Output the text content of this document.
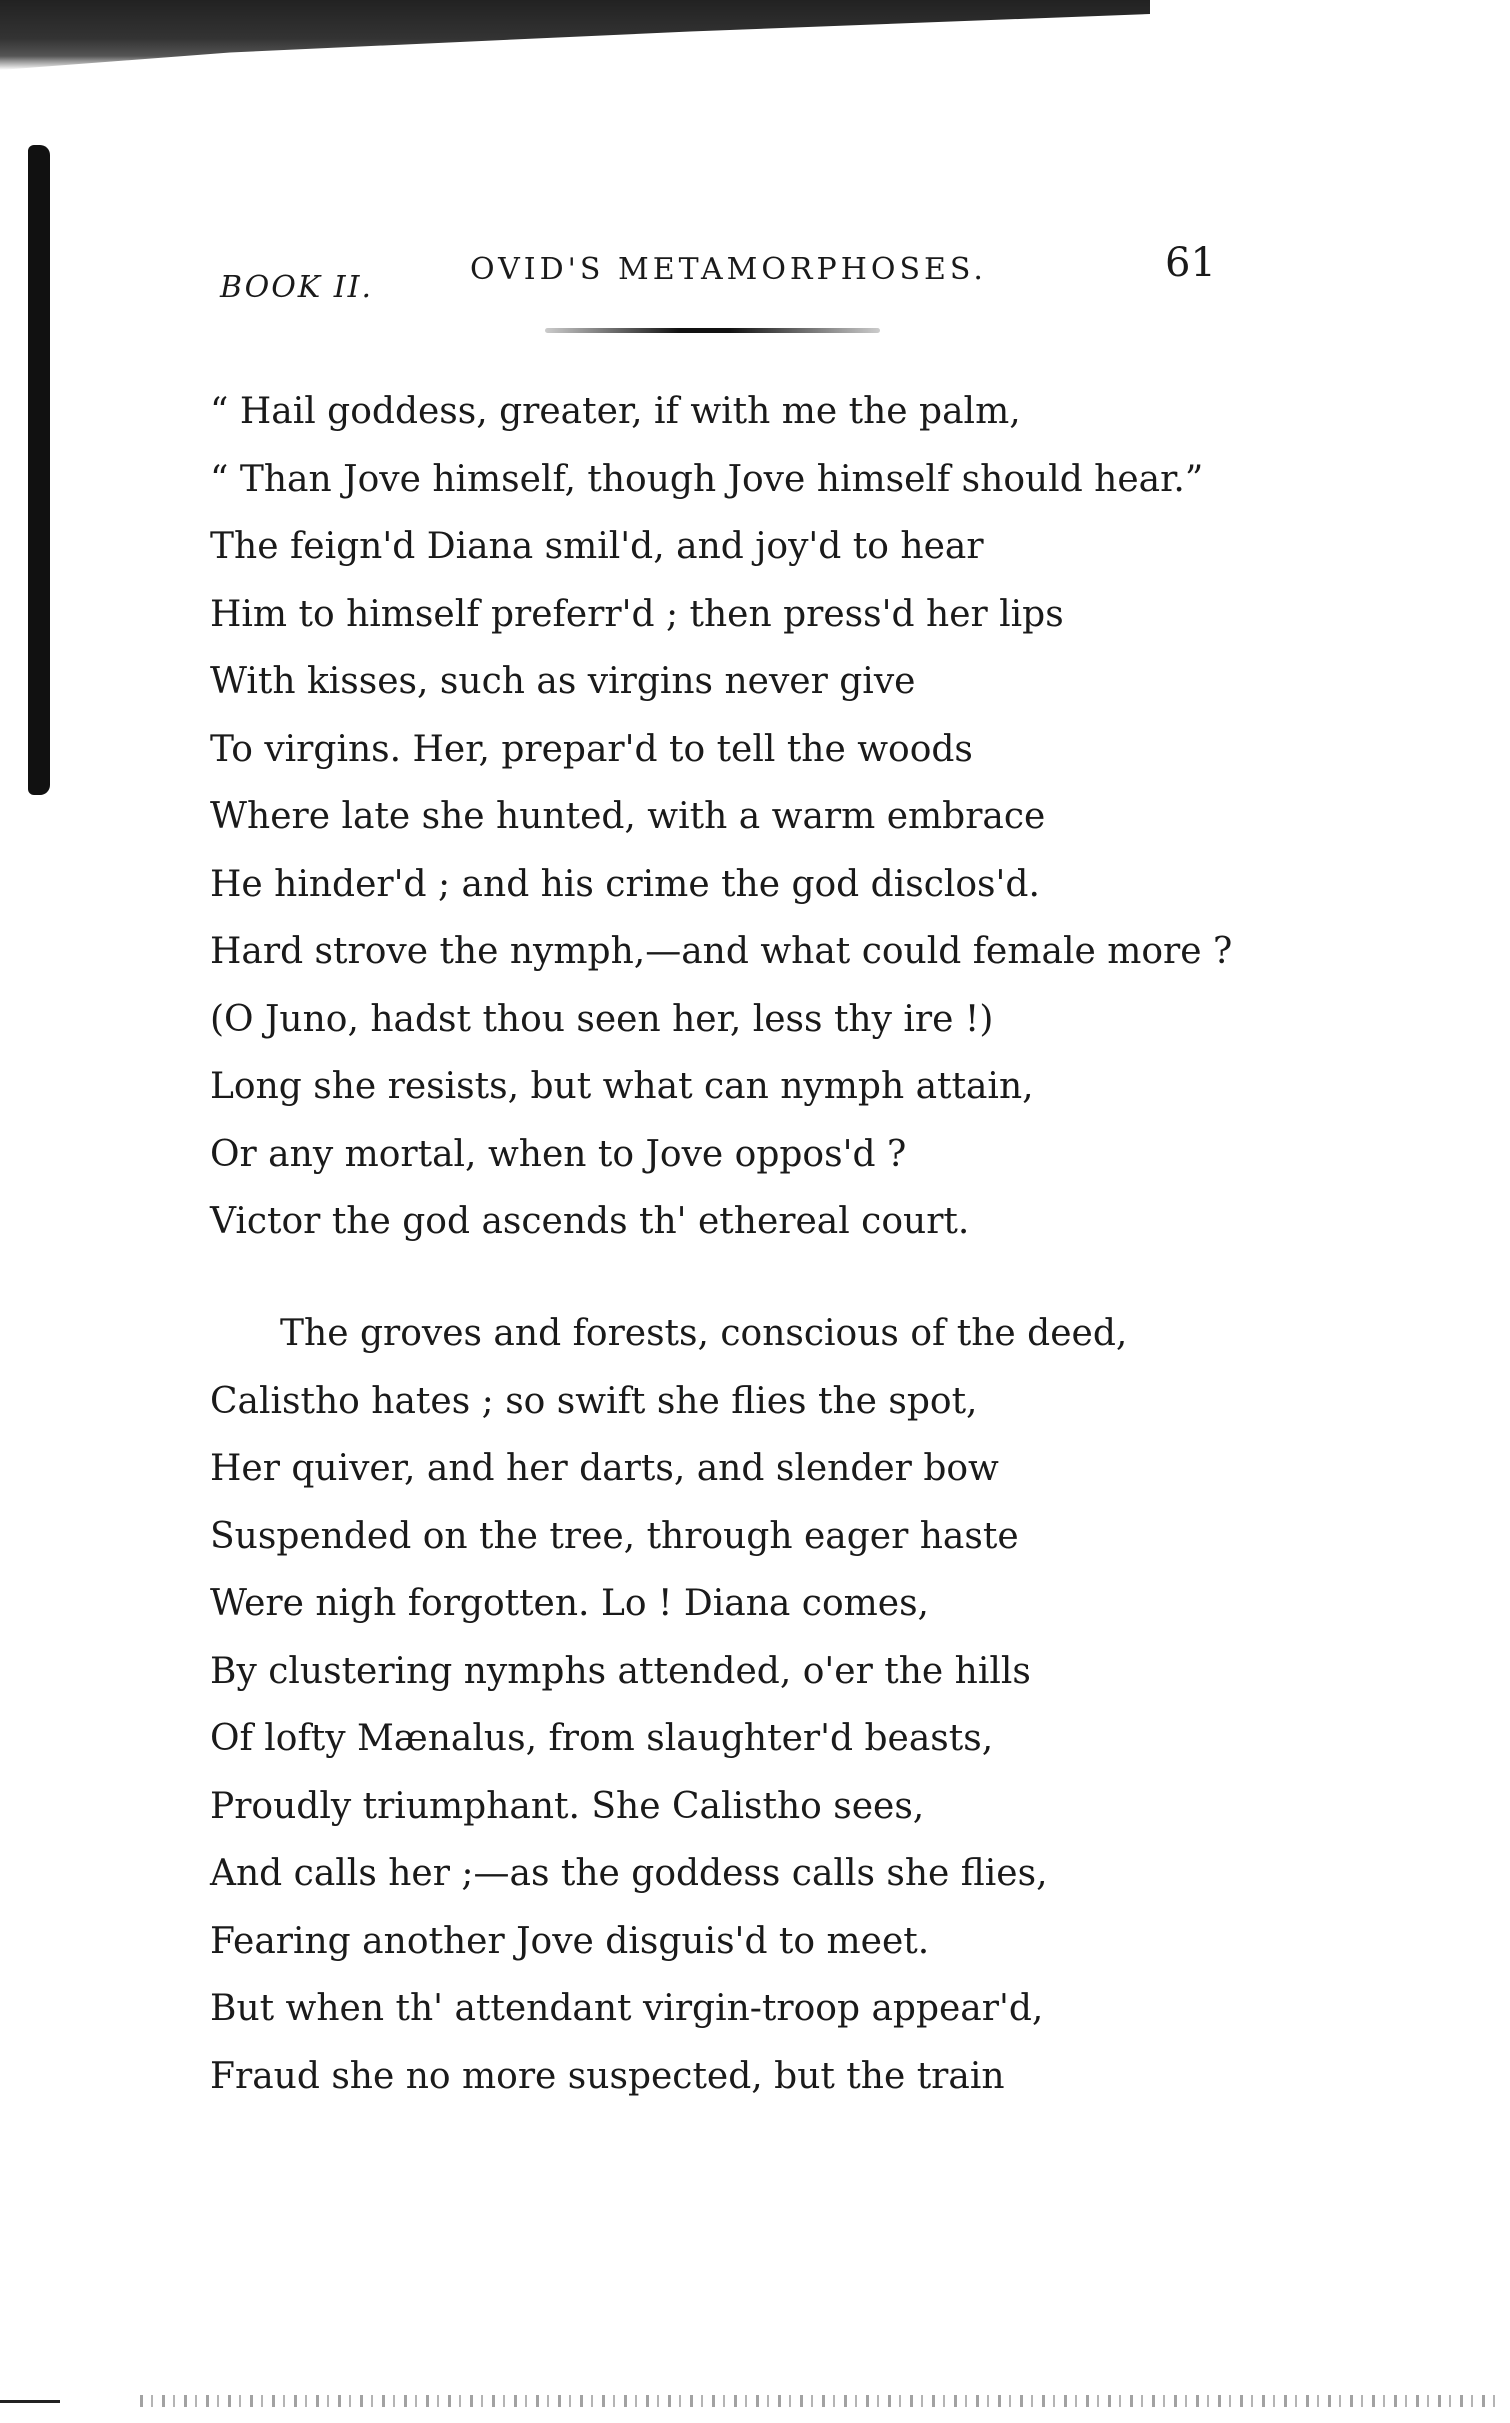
BOOK II.
OVID'S METAMORPHOSES.	61

“ Hail goddess, greater, if with me the palm,

“ Than Jove himself, though Jove himself should hear.”

The feign'd Diana smil'd, and joy'd to hear

Him to himself preferr'd ; then press'd her lips

With kisses, such as virgins never give

To virgins. Her, prepar'd to tell the woods

Where late she hunted, with a warm embrace

He hinder'd ; and his crime the god disclos'd.

Hard strove the nymph,—and what could female more ?

(O Juno, hadst thou seen her, less thy ire !)

Long she resists, but what can nymph attain,

Or any mortal, when to Jove oppos'd ?

Victor the god ascends th' ethereal court.

The groves and forests, conscious of the deed,

Calistho hates ; so swift she flies the spot,

Her quiver, and her darts, and slender bow

Suspended on the tree, through eager haste

Were nigh forgotten. Lo ! Diana comes,

By clustering nymphs attended, o'er the hills

Of lofty Mænalus, from slaughter'd beasts,

Proudly triumphant. She Calistho sees,

And calls her ;—as the goddess calls she flies,

Fearing another Jove disguis'd to meet.

But when th' attendant virgin-troop appear'd,

Fraud she no more suspected, but the train
